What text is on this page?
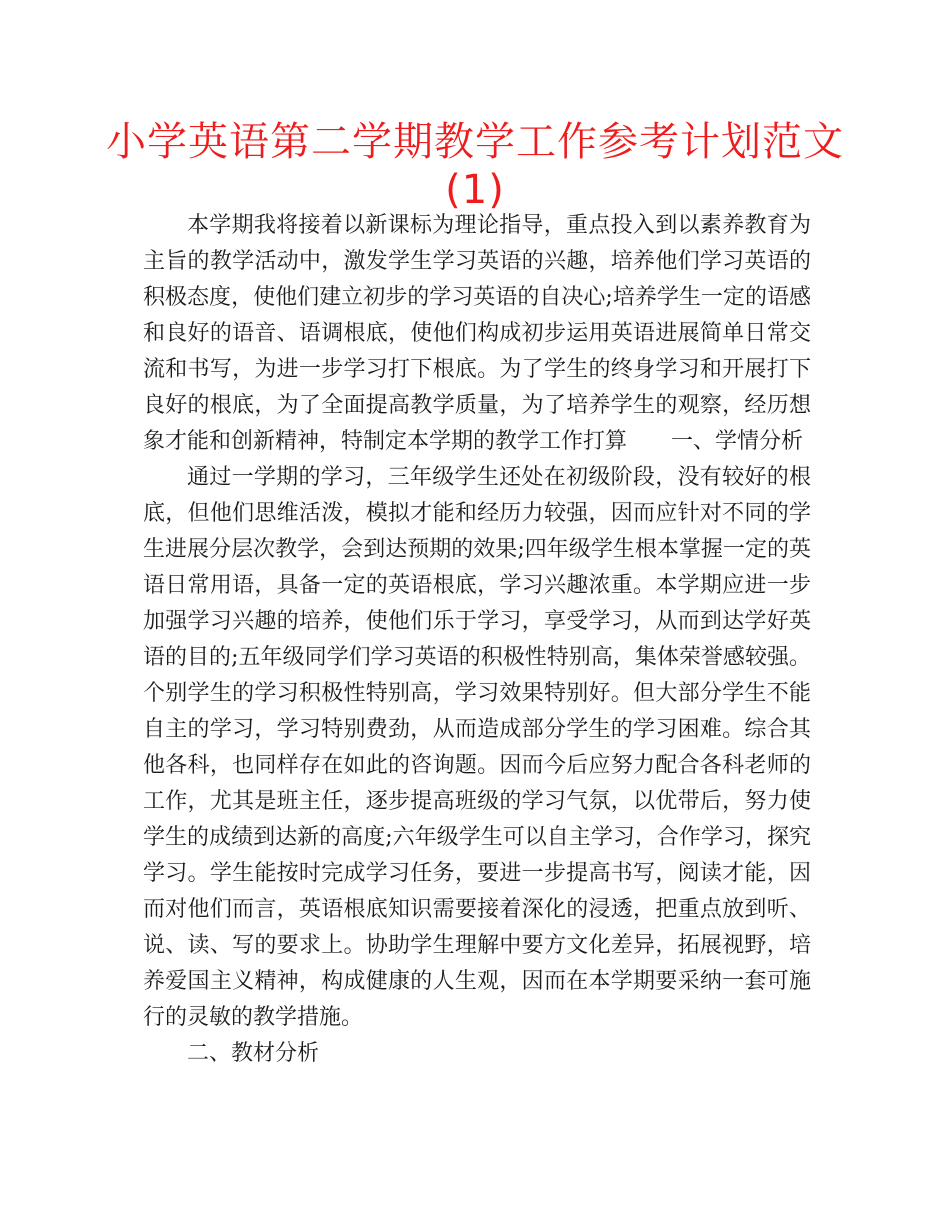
小学英语第二学期教学工作参考计划范文(1)

本学期我将接着以新课标为理论指导，重点投入到以素养教育为主旨的教学活动中，激发学生学习英语的兴趣，培养他们学习英语的积极态度，使他们建立初步的学习英语的自决心;培养学生一定的语感和良好的语音、语调根底，使他们构成初步运用英语进展简单日常交流和书写，为进一步学习打下根底。为了学生的终身学习和开展打下良好的根底，为了全面提高教学质量，为了培养学生的观察，经历想象才能和创新精神，特制定本学期的教学工作打算　　一、学情分析

通过一学期的学习，三年级学生还处在初级阶段，没有较好的根底，但他们思维活泼，模拟才能和经历力较强，因而应针对不同的学生进展分层次教学，会到达预期的效果;四年级学生根本掌握一定的英语日常用语，具备一定的英语根底，学习兴趣浓重。本学期应进一步加强学习兴趣的培养，使他们乐于学习，享受学习，从而到达学好英语的目的;五年级同学们学习英语的积极性特别高，集体荣誉感较强。个别学生的学习积极性特别高，学习效果特别好。但大部分学生不能自主的学习，学习特别费劲，从而造成部分学生的学习困难。综合其他各科，也同样存在如此的咨询题。因而今后应努力配合各科老师的工作，尤其是班主任，逐步提高班级的学习气氛，以优带后，努力使学生的成绩到达新的高度;六年级学生可以自主学习，合作学习，探究学习。学生能按时完成学习任务，要进一步提高书写，阅读才能，因而对他们而言，英语根底知识需要接着深化的浸透，把重点放到听、说、读、写的要求上。协助学生理解中要方文化差异，拓展视野，培养爱国主义精神，构成健康的人生观，因而在本学期要采纳一套可施行的灵敏的教学措施。

二、教材分析
